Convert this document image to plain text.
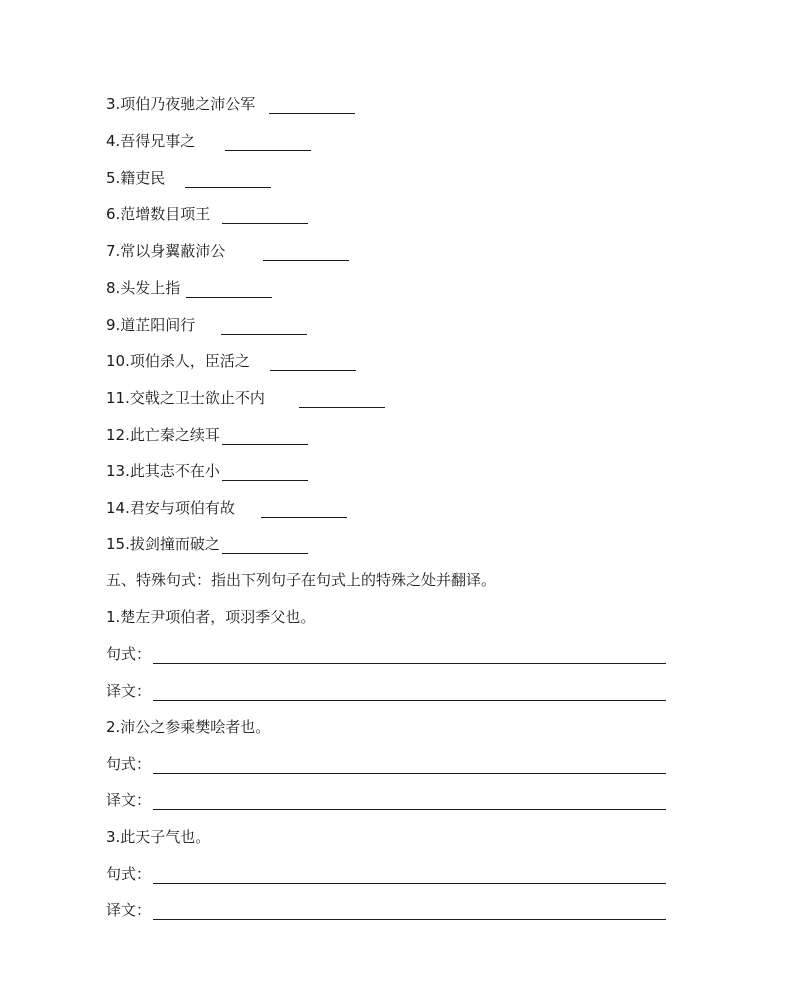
3.项伯乃夜驰之沛公军
4.吾得兄事之
5.籍吏民
6.范增数目项王
7.常以身翼蔽沛公
8.头发上指
9.道芷阳间行
10.项伯杀人，臣活之
11.交戟之卫士欲止不内
12.此亡秦之续耳
13.此其志不在小
14.君安与项伯有故
15.拔剑撞而破之
五、特殊句式：指出下列句子在句式上的特殊之处并翻译。
1.楚左尹项伯者，项羽季父也。
句式：
译文：
2.沛公之参乘樊哙者也。
句式：
译文：
3.此天子气也。
句式：
译文：
